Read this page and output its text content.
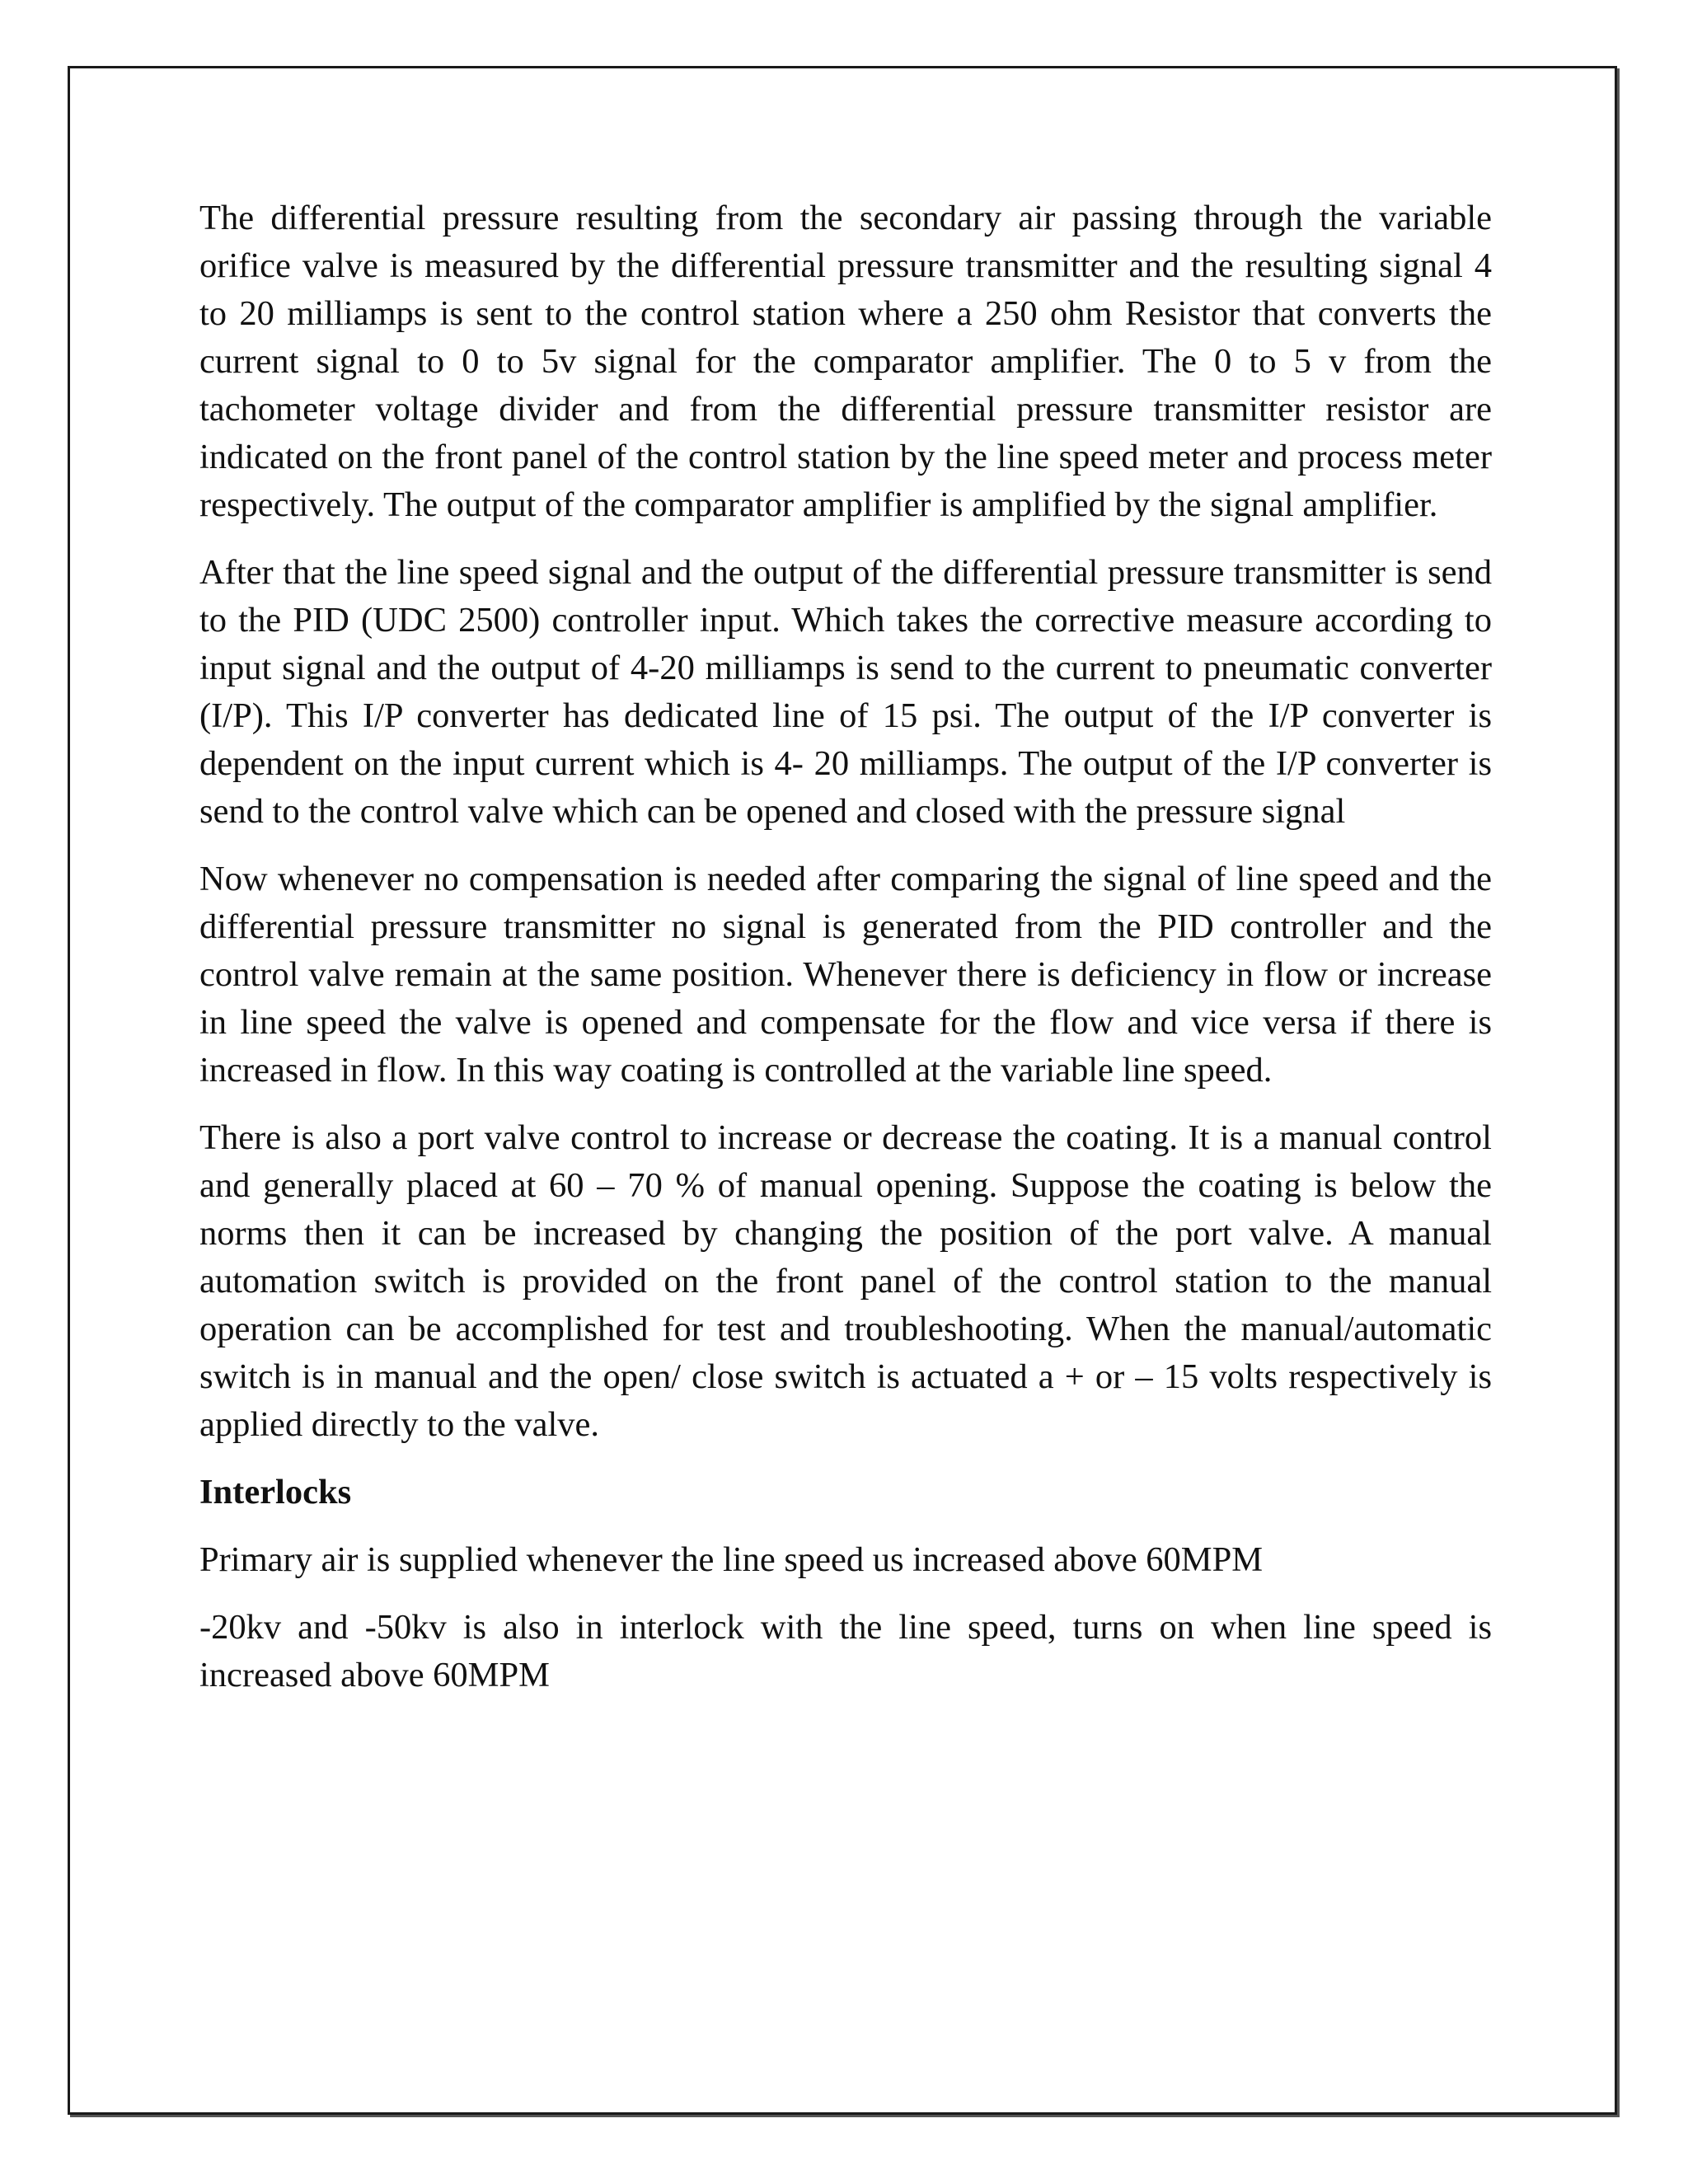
The differential pressure resulting from the secondary air passing through the variable orifice valve is measured by the differential pressure transmitter and the resulting signal 4 to 20 milliamps is sent to the control station where a 250 ohm Resistor that converts the current signal to 0 to 5v signal for the comparator amplifier. The 0 to 5 v from the tachometer voltage divider and from the differential pressure transmitter resistor are indicated on the front panel of the control station by the line speed meter and process meter respectively. The output of the comparator amplifier is amplified by the signal amplifier.

After that the line speed signal and the output of the differential pressure transmitter is send to the PID (UDC 2500) controller input. Which takes the corrective measure according to input signal and the output of 4-20 milliamps is send to the current to pneumatic converter (I/P). This I/P converter has dedicated line of 15 psi. The output of the I/P converter is dependent on the input current which is 4- 20 milliamps. The output of the I/P converter is send to the control valve which can be opened and closed with the pressure signal

Now whenever no compensation is needed after comparing the signal of line speed and the differential pressure transmitter no signal is generated from the PID controller and the control valve remain at the same position. Whenever there is deficiency in flow or increase in line speed the valve is opened and compensate for the flow and vice versa if there is increased in flow. In this way coating is controlled at the variable line speed.

There is also a port valve control to increase or decrease the coating. It is a manual control and generally placed at 60 – 70 % of manual opening. Suppose the coating is below the norms then it can be increased by changing the position of the port valve. A manual automation switch is provided on the front panel of the control station to the manual operation can be accomplished for test and troubleshooting. When the manual/automatic switch is in manual and the open/ close switch is actuated a + or – 15 volts respectively is applied directly to the valve.

Interlocks

Primary air is supplied whenever the line speed us increased above 60MPM

-20kv and -50kv is also in interlock with the line speed, turns on when line speed is increased above 60MPM
